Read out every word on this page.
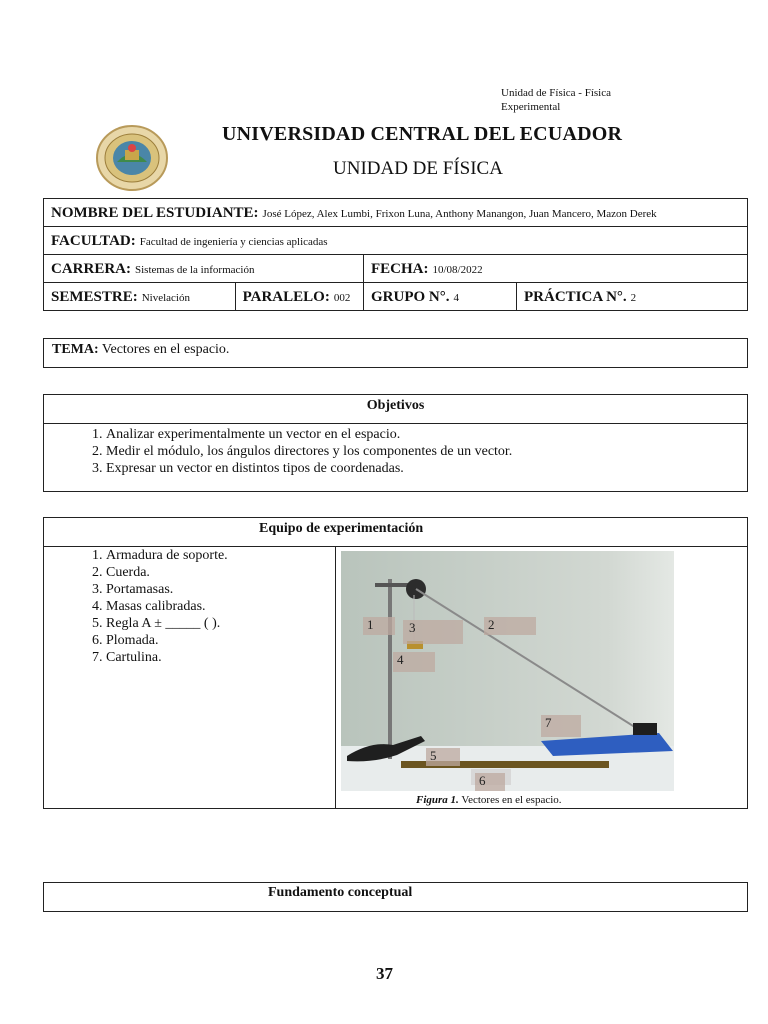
Unidad de Física - Física Experimental
UNIVERSIDAD CENTRAL DEL ECUADOR
UNIDAD DE FÍSICA
NOMBRE DEL ESTUDIANTE: José López, Alex Lumbi, Frixon Luna, Anthony Manangon, Juan Mancero, Mazon Derek			
FACULTAD: Facultad de ingeniería y ciencias aplicadas			
CARRERA: Sistemas de la información		FECHA: 10/08/2022	
SEMESTRE: Nivelación	PARALELO: 002	GRUPO N°. 4	PRÁCTICA N°. 2
TEMA: Vectores en el espacio.
Objetivos
1. Analizar experimentalmente un vector en el espacio.
2. Medir el módulo, los ángulos directores y los componentes de un vector.
3. Expresar un vector en distintos tipos de coordenadas.
Equipo de experimentación
1. Armadura de soporte.
2. Cuerda.
3. Portamasas.
4. Masas calibradas.
5. Regla A ± _____ ( ).
6. Plomada.
7. Cartulina.
1	2
3
4
5
6
7
Figura 1. Vectores en el espacio.
Fundamento conceptual
37
